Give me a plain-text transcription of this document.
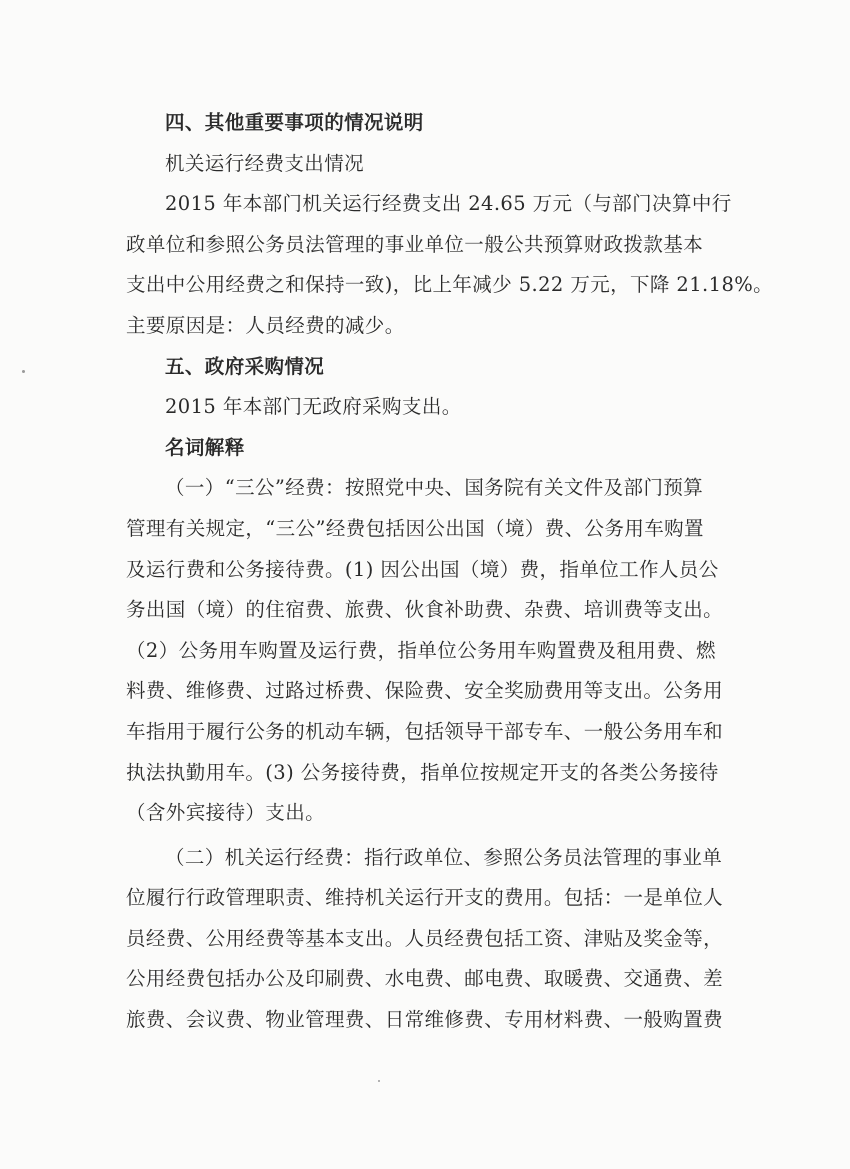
四、其他重要事项的情况说明
机关运行经费支出情况
2015 年本部门机关运行经费支出 24.65 万元（与部门决算中行
政单位和参照公务员法管理的事业单位一般公共预算财政拨款基本
支出中公用经费之和保持一致)，比上年减少 5.22 万元，下降 21.18%。
主要原因是：人员经费的减少。
五、政府采购情况
2015 年本部门无政府采购支出。
名词解释
（一）“三公”经费：按照党中央、国务院有关文件及部门预算
管理有关规定，“三公”经费包括因公出国（境）费、公务用车购置
及运行费和公务接待费。(1) 因公出国（境）费，指单位工作人员公
务出国（境）的住宿费、旅费、伙食补助费、杂费、培训费等支出。
（2）公务用车购置及运行费，指单位公务用车购置费及租用费、燃
料费、维修费、过路过桥费、保险费、安全奖励费用等支出。公务用
车指用于履行公务的机动车辆，包括领导干部专车、一般公务用车和
执法执勤用车。(3) 公务接待费，指单位按规定开支的各类公务接待
（含外宾接待）支出。
（二）机关运行经费：指行政单位、参照公务员法管理的事业单
位履行行政管理职责、维持机关运行开支的费用。包括：一是单位人
员经费、公用经费等基本支出。人员经费包括工资、津贴及奖金等，
公用经费包括办公及印刷费、水电费、邮电费、取暖费、交通费、差
旅费、会议费、物业管理费、日常维修费、专用材料费、一般购置费
